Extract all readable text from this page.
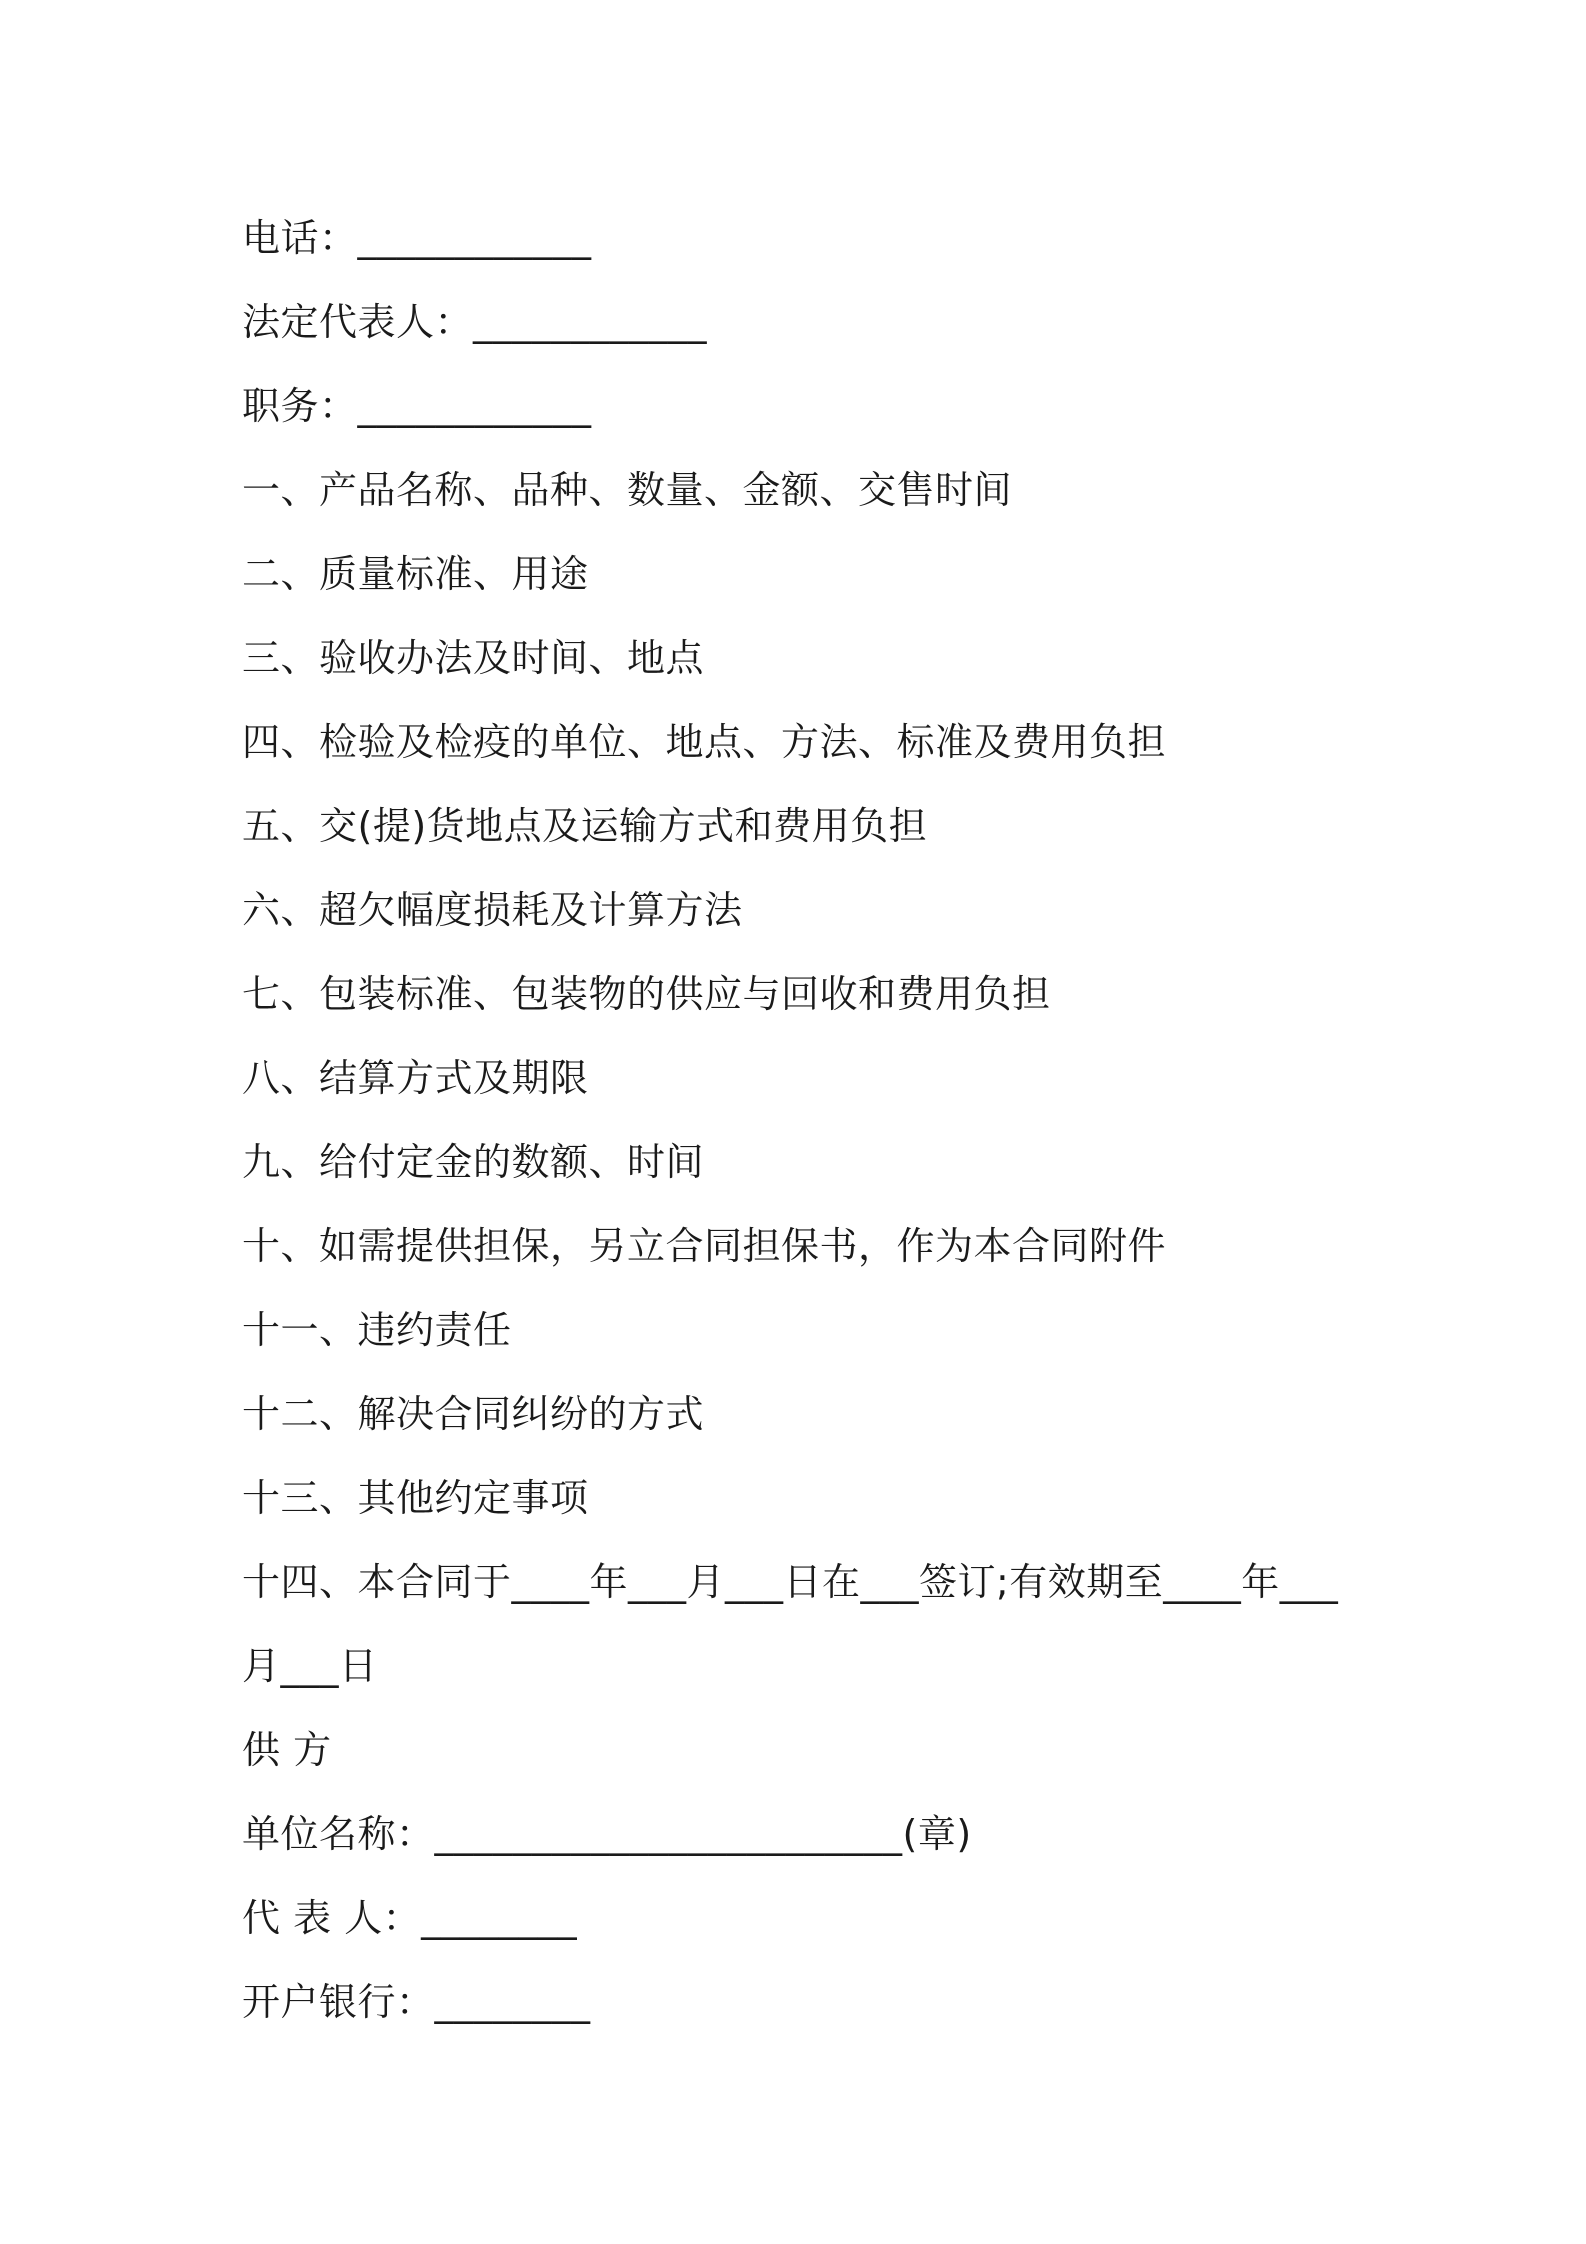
电话：____________
法定代表人：____________
职务：____________
一、产品名称、品种、数量、金额、交售时间
二、质量标准、用途
三、验收办法及时间、地点
四、检验及检疫的单位、地点、方法、标准及费用负担
五、交(提)货地点及运输方式和费用负担
六、超欠幅度损耗及计算方法
七、包装标准、包装物的供应与回收和费用负担
八、结算方式及期限
九、给付定金的数额、时间
十、如需提供担保，另立合同担保书，作为本合同附件
十一、违约责任
十二、解决合同纠纷的方式
十三、其他约定事项
十四、本合同于____年___月___日在___签订;有效期至____年___
月___日
供 方
单位名称：________________________(章)
代 表 人：________
开户银行：________
